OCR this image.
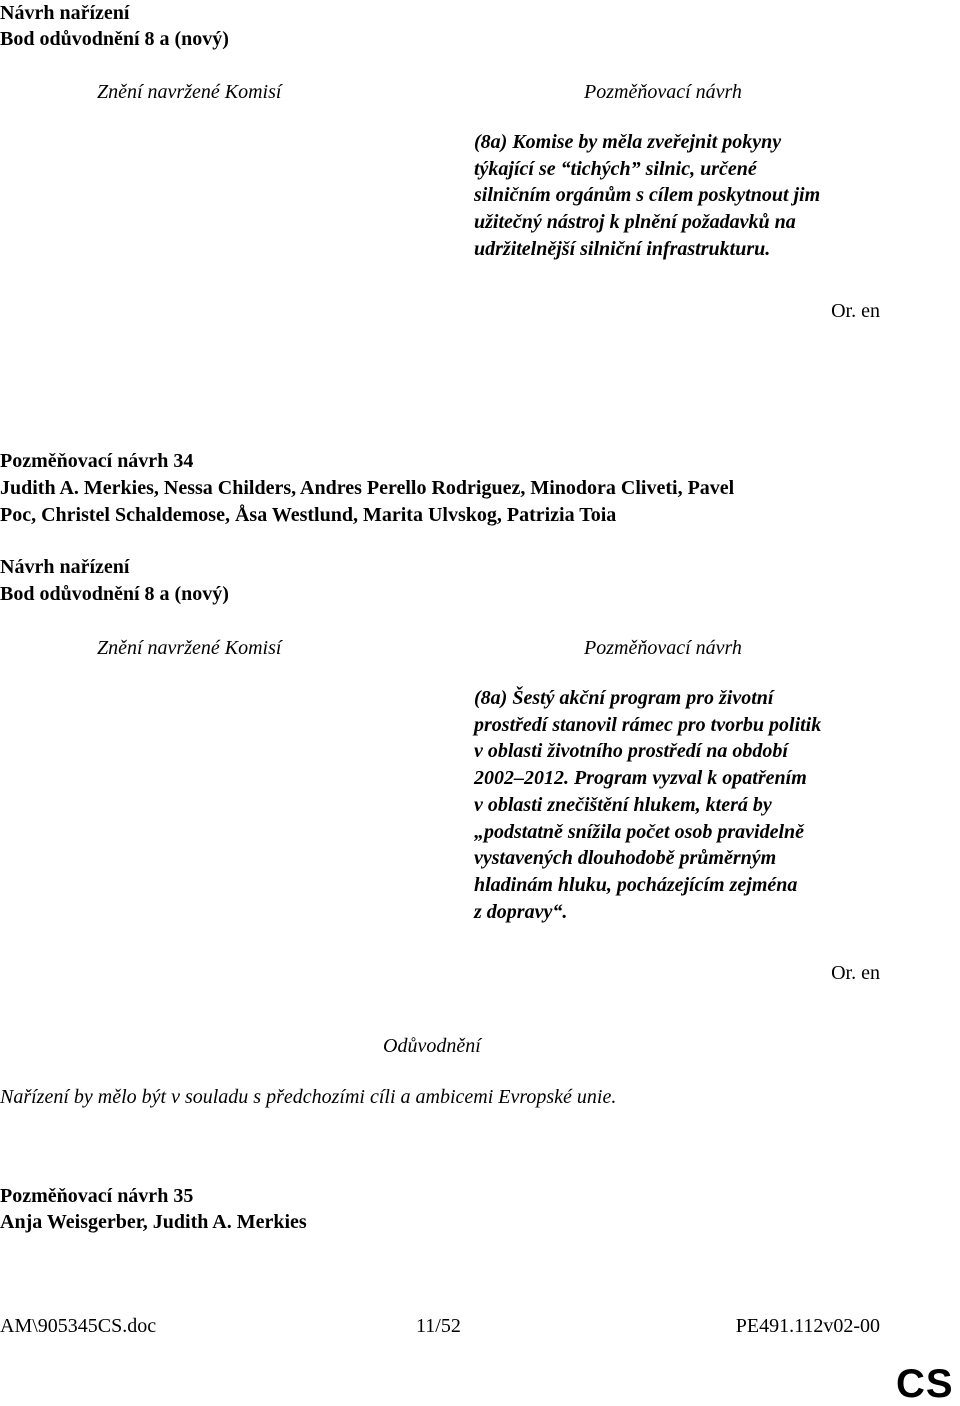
Návrh nařízení
Bod odůvodnění 8 a (nový)
Znění navržené Komisí	Pozměňovací návrh
(8a) Komise by měla zveřejnit pokyny
týkající se “tichých” silnic, určené
silničním orgánům s cílem poskytnout jim
užitečný nástroj k plnění požadavků na
udržitelnější silniční infrastrukturu.
Or. en
Pozměňovací návrh 34
Judith A. Merkies, Nessa Childers, Andres Perello Rodriguez, Minodora Cliveti, Pavel
Poc, Christel Schaldemose, Åsa Westlund, Marita Ulvskog, Patrizia Toia
Návrh nařízení
Bod odůvodnění 8 a (nový)
Znění navržené Komisí	Pozměňovací návrh
(8a) Šestý akční program pro životní
prostředí stanovil rámec pro tvorbu politik
v oblasti životního prostředí na období
2002–2012. Program vyzval k opatřením
v oblasti znečištění hlukem, která by
„podstatně snížila počet osob pravidelně
vystavených dlouhodobě průměrným
hladinám hluku, pocházejícím zejména
z dopravy“.
Or. en
Odůvodnění
Nařízení by mělo být v souladu s předchozími cíli a ambicemi Evropské unie.
Pozměňovací návrh 35
Anja Weisgerber, Judith A. Merkies
AM\905345CS.doc	11/52	PE491.112v02-00
CS
